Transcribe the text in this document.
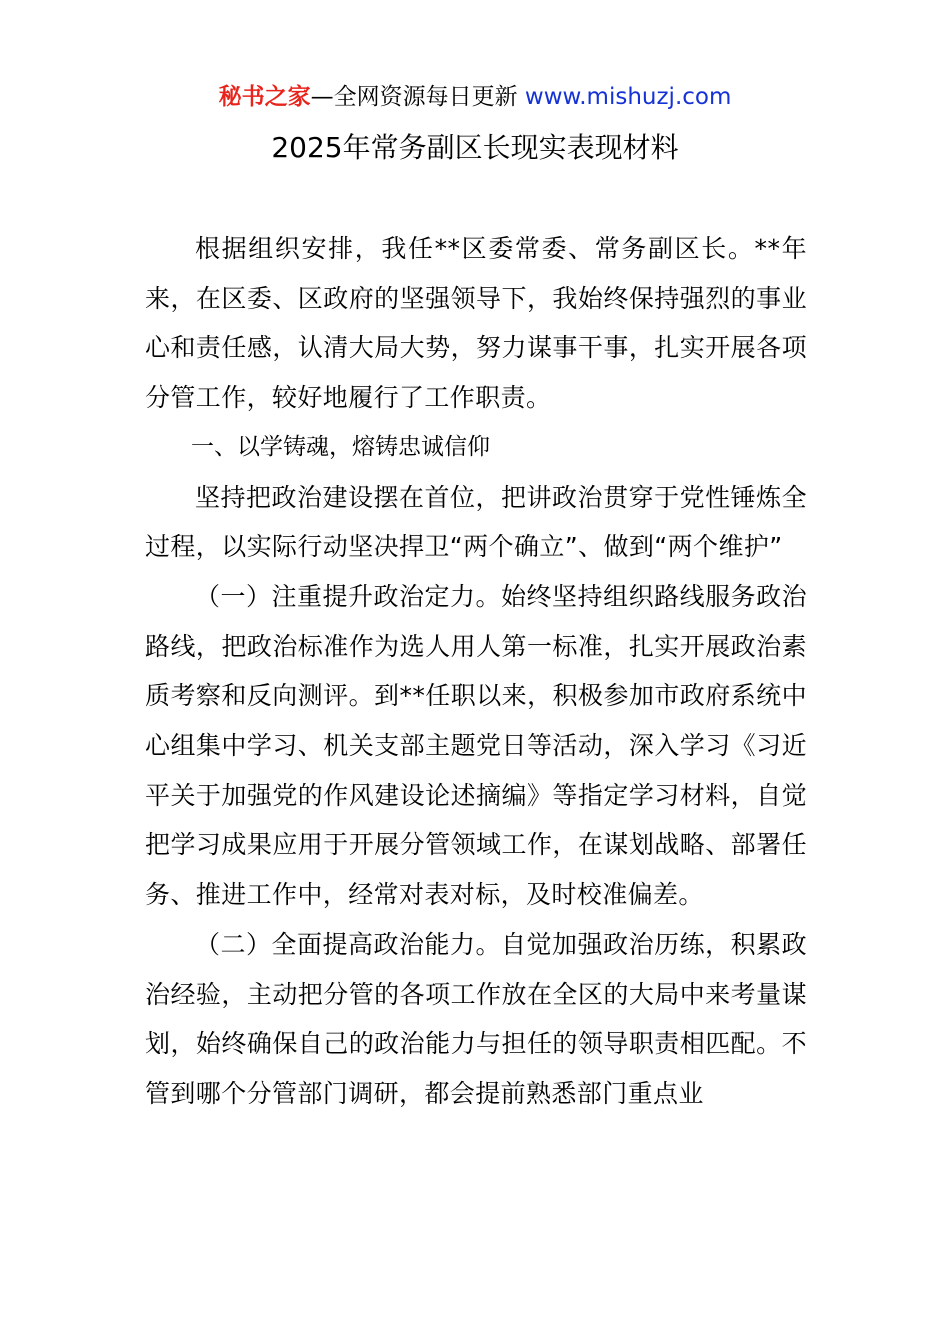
秘书之家—全网资源每日更新 www.mishuzj.com
2025年常务副区长现实表现材料

根据组织安排，我任**区委常委、常务副区长。**年来，在区委、区政府的坚强领导下，我始终保持强烈的事业心和责任感，认清大局大势，努力谋事干事，扎实开展各项分管工作，较好地履行了工作职责。

一、以学铸魂，熔铸忠诚信仰

坚持把政治建设摆在首位，把讲政治贯穿于党性锤炼全过程，以实际行动坚决捍卫“两个确立”、做到“两个维护”

（一）注重提升政治定力。始终坚持组织路线服务政治路线，把政治标准作为选人用人第一标准，扎实开展政治素质考察和反向测评。到**任职以来，积极参加市政府系统中心组集中学习、机关支部主题党日等活动，深入学习《习近平关于加强党的作风建设论述摘编》等指定学习材料，自觉把学习成果应用于开展分管领域工作，在谋划战略、部署任务、推进工作中，经常对表对标，及时校准偏差。

（二）全面提高政治能力。自觉加强政治历练，积累政治经验，主动把分管的各项工作放在全区的大局中来考量谋划，始终确保自己的政治能力与担任的领导职责相匹配。不管到哪个分管部门调研，都会提前熟悉部门重点业
